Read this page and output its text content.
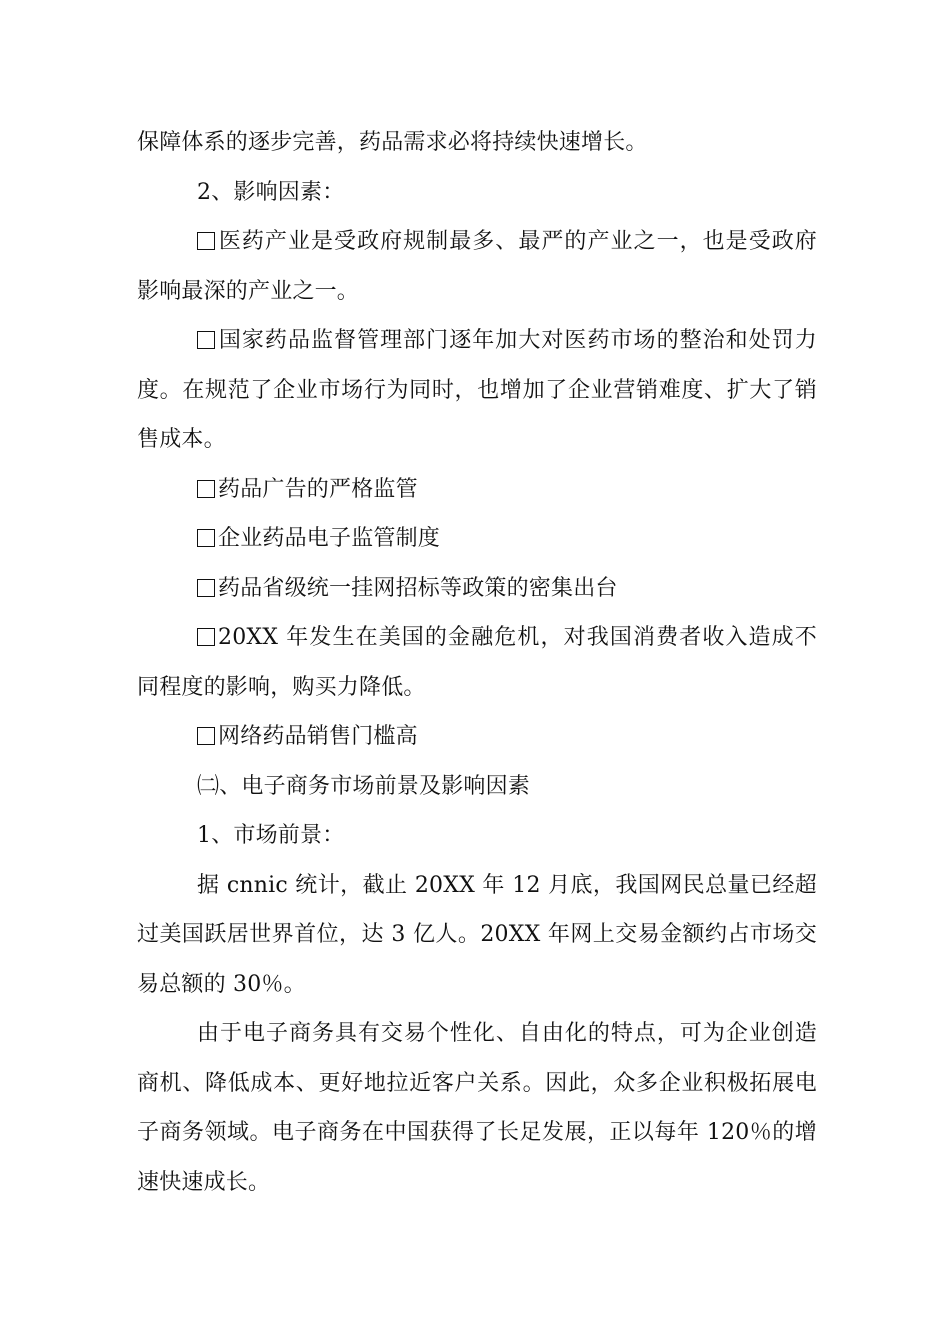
保障体系的逐步完善，药品需求必将持续快速增长。

2、影响因素：

医药产业是受政府规制最多、最严的产业之一，也是受政府影响最深的产业之一。

国家药品监督管理部门逐年加大对医药市场的整治和处罚力度。在规范了企业市场行为同时，也增加了企业营销难度、扩大了销售成本。

药品广告的严格监管

企业药品电子监管制度

药品省级统一挂网招标等政策的密集出台

20XX 年发生在美国的金融危机，对我国消费者收入造成不同程度的影响，购买力降低。

网络药品销售门槛高

㈡、电子商务市场前景及影响因素

1、市场前景：

据 cnnic 统计，截止 20XX 年 12 月底，我国网民总量已经超过美国跃居世界首位，达 3 亿人。20XX 年网上交易金额约占市场交易总额的 30％。

由于电子商务具有交易个性化、自由化的特点，可为企业创造商机、降低成本、更好地拉近客户关系。因此，众多企业积极拓展电子商务领域。电子商务在中国获得了长足发展，正以每年 120％的增速快速成长。
